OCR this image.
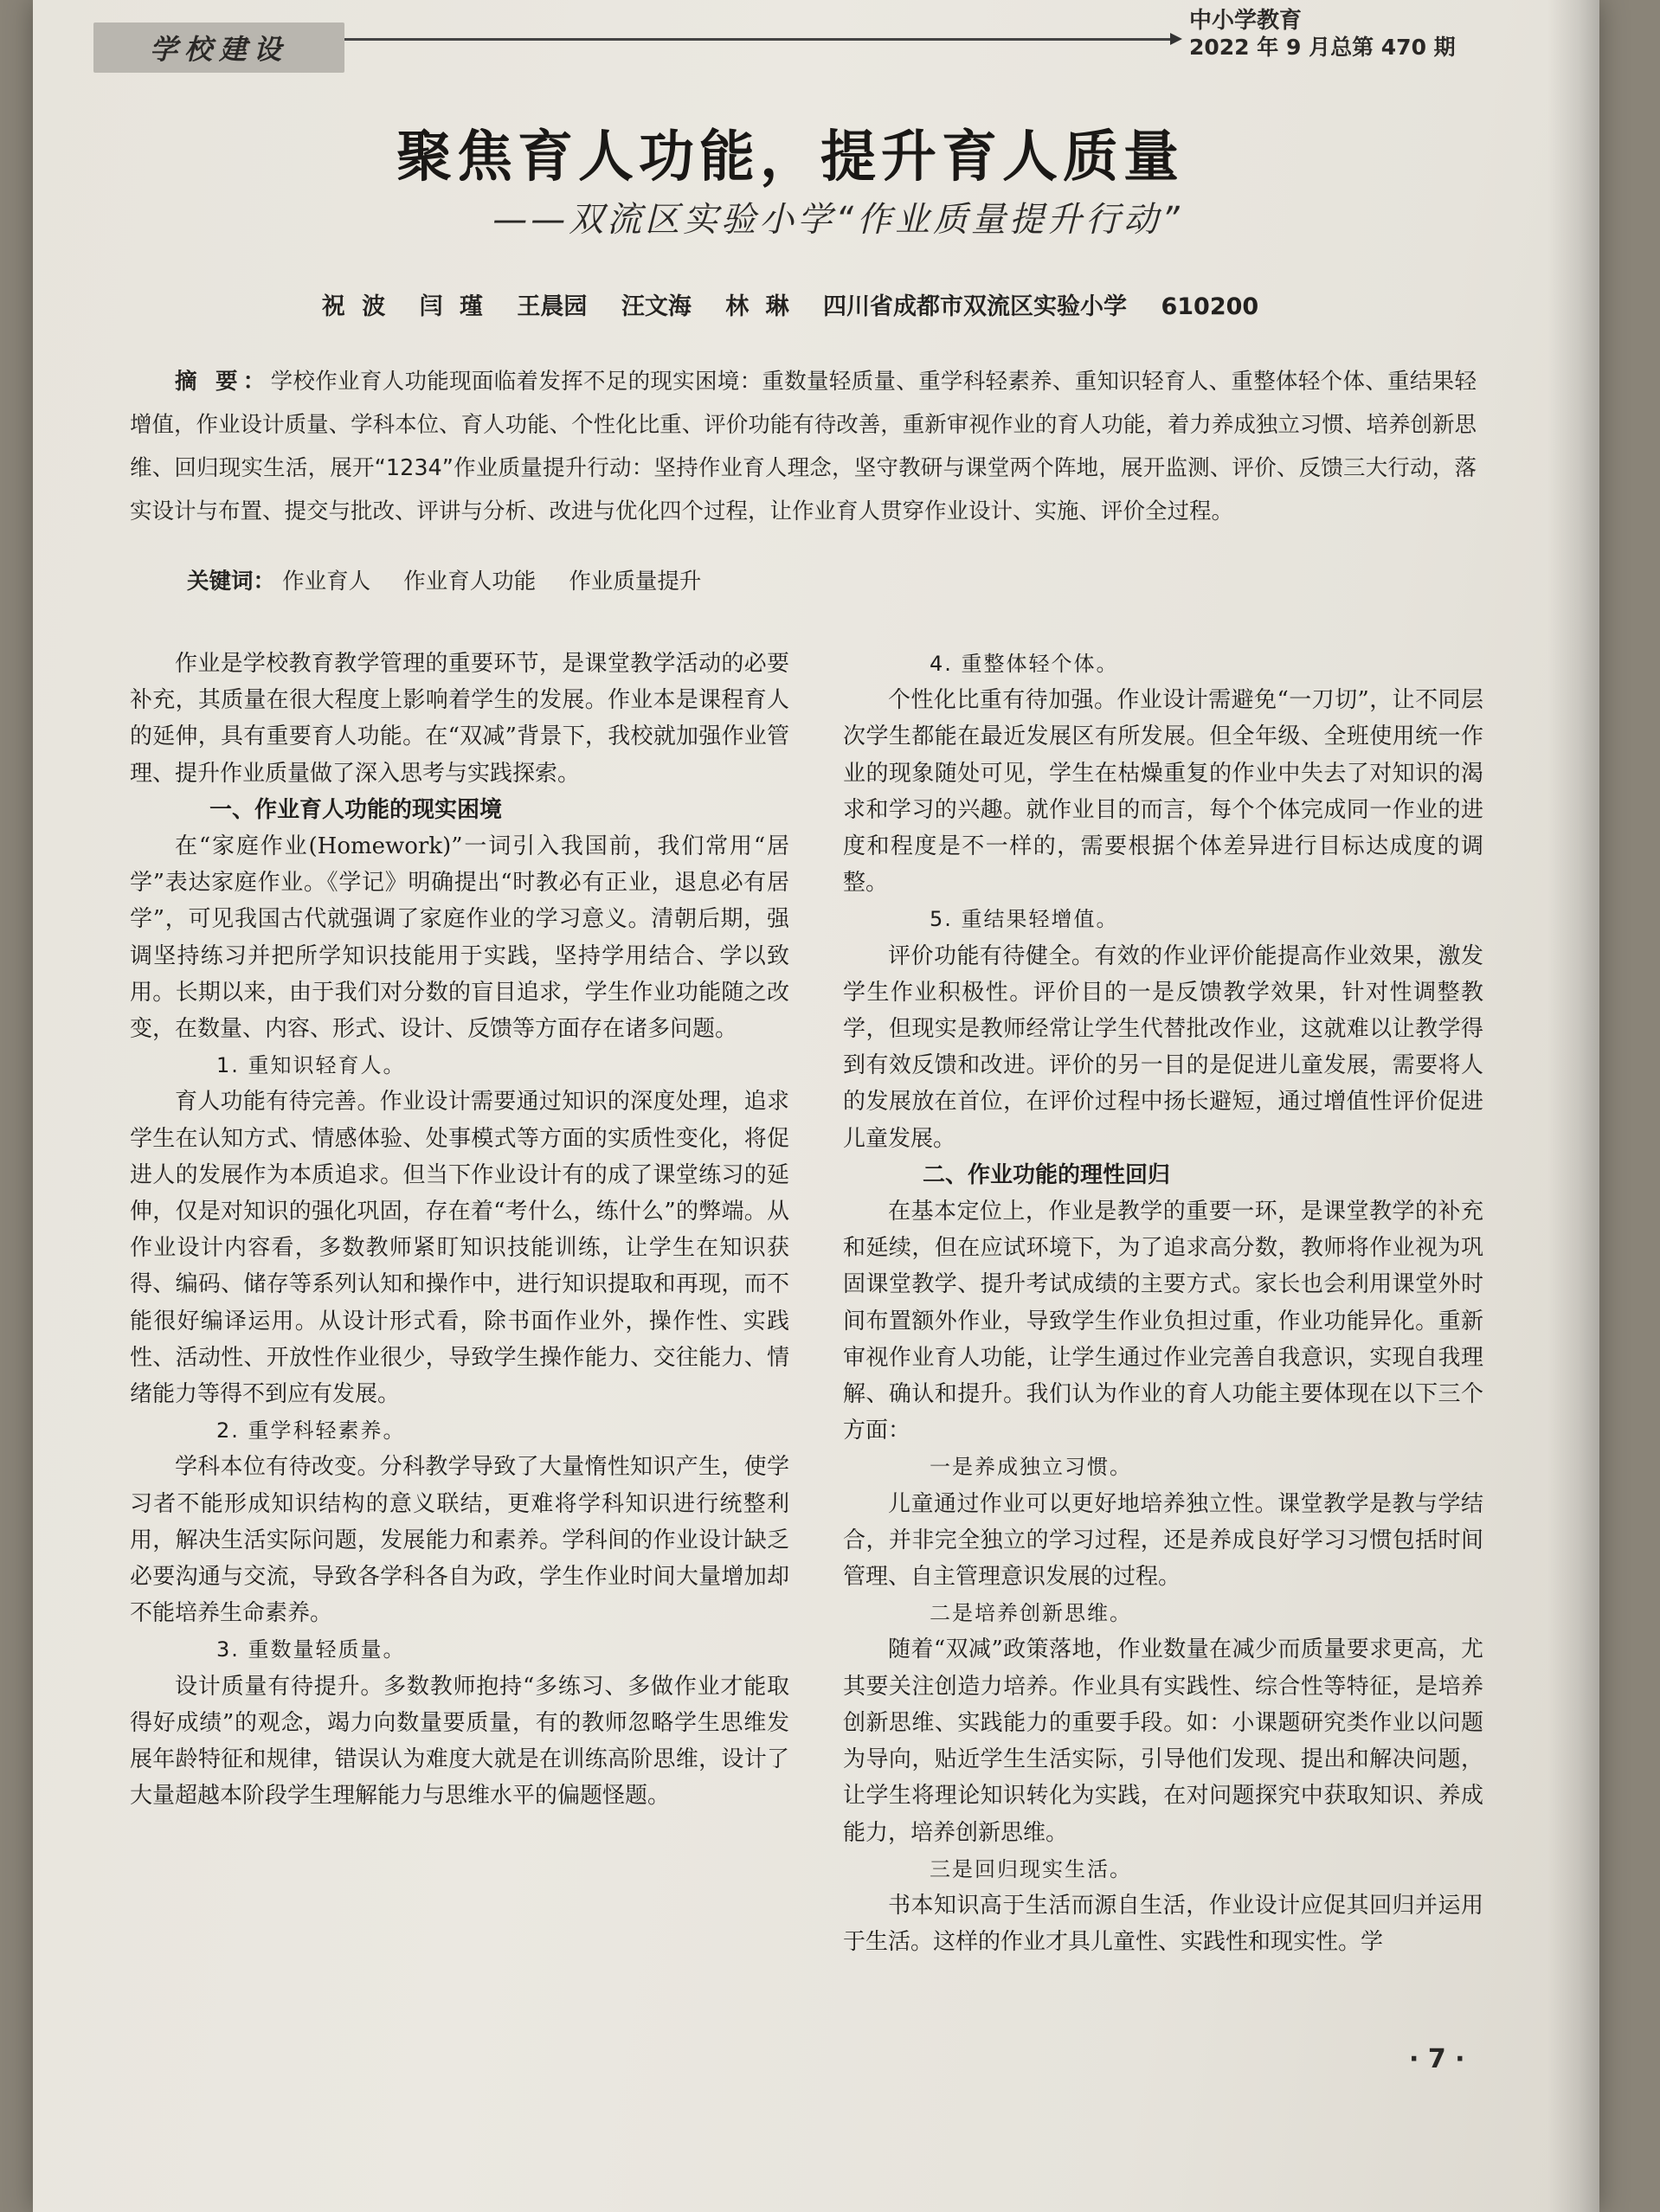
学校建设
中小学教育
2022 年 9 月总第 470 期
聚焦育人功能，提升育人质量
——双流区实验小学“作业质量提升行动”
祝 波 闫 瑾 王晨园 汪文海 林 琳 四川省成都市双流区实验小学 610200
摘 要：学校作业育人功能现面临着发挥不足的现实困境：重数量轻质量、重学科轻素养、重知识轻育人、重整体轻个体、重结果轻增值，作业设计质量、学科本位、育人功能、个性化比重、评价功能有待改善，重新审视作业的育人功能，着力养成独立习惯、培养创新思维、回归现实生活，展开“1234”作业质量提升行动：坚持作业育人理念，坚守教研与课堂两个阵地，展开监测、评价、反馈三大行动，落实设计与布置、提交与批改、评讲与分析、改进与优化四个过程，让作业育人贯穿作业设计、实施、评价全过程。
关键词： 作业育人 作业育人功能 作业质量提升

作业是学校教育教学管理的重要环节，是课堂教学活动的必要补充，其质量在很大程度上影响着学生的发展。作业本是课程育人的延伸，具有重要育人功能。在“双减”背景下，我校就加强作业管理、提升作业质量做了深入思考与实践探索。

一、作业育人功能的现实困境

在“家庭作业(Homework)”一词引入我国前，我们常用“居学”表达家庭作业。《学记》明确提出“时教必有正业，退息必有居学”，可见我国古代就强调了家庭作业的学习意义。清朝后期，强调坚持练习并把所学知识技能用于实践，坚持学用结合、学以致用。长期以来，由于我们对分数的盲目追求，学生作业功能随之改变，在数量、内容、形式、设计、反馈等方面存在诸多问题。

1. 重知识轻育人。

育人功能有待完善。作业设计需要通过知识的深度处理，追求学生在认知方式、情感体验、处事模式等方面的实质性变化，将促进人的发展作为本质追求。但当下作业设计有的成了课堂练习的延伸，仅是对知识的强化巩固，存在着“考什么，练什么”的弊端。从作业设计内容看，多数教师紧盯知识技能训练，让学生在知识获得、编码、储存等系列认知和操作中，进行知识提取和再现，而不能很好编译运用。从设计形式看，除书面作业外，操作性、实践性、活动性、开放性作业很少，导致学生操作能力、交往能力、情绪能力等得不到应有发展。

2. 重学科轻素养。

学科本位有待改变。分科教学导致了大量惰性知识产生，使学习者不能形成知识结构的意义联结，更难将学科知识进行统整利用，解决生活实际问题，发展能力和素养。学科间的作业设计缺乏必要沟通与交流，导致各学科各自为政，学生作业时间大量增加却不能培养生命素养。

3. 重数量轻质量。

设计质量有待提升。多数教师抱持“多练习、多做作业才能取得好成绩”的观念，竭力向数量要质量，有的教师忽略学生思维发展年龄特征和规律，错误认为难度大就是在训练高阶思维，设计了大量超越本阶段学生理解能力与思维水平的偏题怪题。

4. 重整体轻个体。

个性化比重有待加强。作业设计需避免“一刀切”，让不同层次学生都能在最近发展区有所发展。但全年级、全班使用统一作业的现象随处可见，学生在枯燥重复的作业中失去了对知识的渴求和学习的兴趣。就作业目的而言，每个个体完成同一作业的进度和程度是不一样的，需要根据个体差异进行目标达成度的调整。

5. 重结果轻增值。

评价功能有待健全。有效的作业评价能提高作业效果，激发学生作业积极性。评价目的一是反馈教学效果，针对性调整教学，但现实是教师经常让学生代替批改作业，这就难以让教学得到有效反馈和改进。评价的另一目的是促进儿童发展，需要将人的发展放在首位，在评价过程中扬长避短，通过增值性评价促进儿童发展。

二、作业功能的理性回归

在基本定位上，作业是教学的重要一环，是课堂教学的补充和延续，但在应试环境下，为了追求高分数，教师将作业视为巩固课堂教学、提升考试成绩的主要方式。家长也会利用课堂外时间布置额外作业，导致学生作业负担过重，作业功能异化。重新审视作业育人功能，让学生通过作业完善自我意识，实现自我理解、确认和提升。我们认为作业的育人功能主要体现在以下三个方面：

一是养成独立习惯。

儿童通过作业可以更好地培养独立性。课堂教学是教与学结合，并非完全独立的学习过程，还是养成良好学习习惯包括时间管理、自主管理意识发展的过程。

二是培养创新思维。

随着“双减”政策落地，作业数量在减少而质量要求更高，尤其要关注创造力培养。作业具有实践性、综合性等特征，是培养创新思维、实践能力的重要手段。如：小课题研究类作业以问题为导向，贴近学生生活实际，引导他们发现、提出和解决问题，让学生将理论知识转化为实践，在对问题探究中获取知识、养成能力，培养创新思维。

三是回归现实生活。

书本知识高于生活而源自生活，作业设计应促其回归并运用于生活。这样的作业才具儿童性、实践性和现实性。学

· 7 ·
